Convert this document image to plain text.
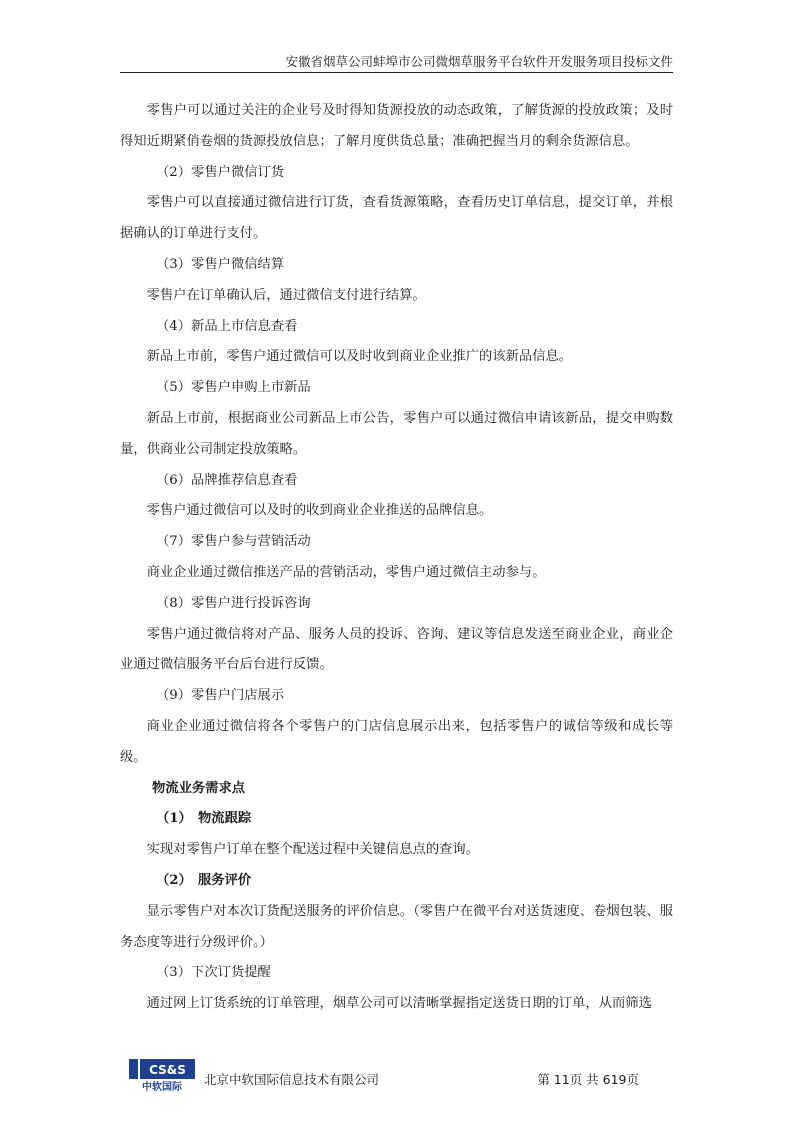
安徽省烟草公司蚌埠市公司微烟草服务平台软件开发服务项目投标文件

零售户可以通过关注的企业号及时得知货源投放的动态政策，了解货源的投放政策；及时得知近期紧俏卷烟的货源投放信息；了解月度供货总量；准确把握当月的剩余货源信息。

（2）零售户微信订货

零售户可以直接通过微信进行订货，查看货源策略，查看历史订单信息，提交订单，并根据确认的订单进行支付。

（3）零售户微信结算

零售户在订单确认后，通过微信支付进行结算。

（4）新品上市信息查看

新品上市前，零售户通过微信可以及时收到商业企业推广的该新品信息。

（5）零售户申购上市新品

新品上市前，根据商业公司新品上市公告，零售户可以通过微信申请该新品，提交申购数量，供商业公司制定投放策略。

（6）品牌推荐信息查看

零售户通过微信可以及时的收到商业企业推送的品牌信息。

（7）零售户参与营销活动

商业企业通过微信推送产品的营销活动，零售户通过微信主动参与。

（8）零售户进行投诉咨询

零售户通过微信将对产品、服务人员的投诉、咨询、建议等信息发送至商业企业，商业企业通过微信服务平台后台进行反馈。

（9）零售户门店展示

商业企业通过微信将各个零售户的门店信息展示出来，包括零售户的诚信等级和成长等级。

物流业务需求点

（1） 物流跟踪

实现对零售户订单在整个配送过程中关键信息点的查询。

（2） 服务评价

显示零售户对本次订货配送服务的评价信息。（零售户在微平台对送货速度、卷烟包装、服务态度等进行分级评价。）

（3）下次订货提醒

通过网上订货系统的订单管理，烟草公司可以清晰掌握指定送货日期的订单，从而筛选

CS&S
中软国际
北京中软国际信息技术有限公司	第 11页 共 619页
